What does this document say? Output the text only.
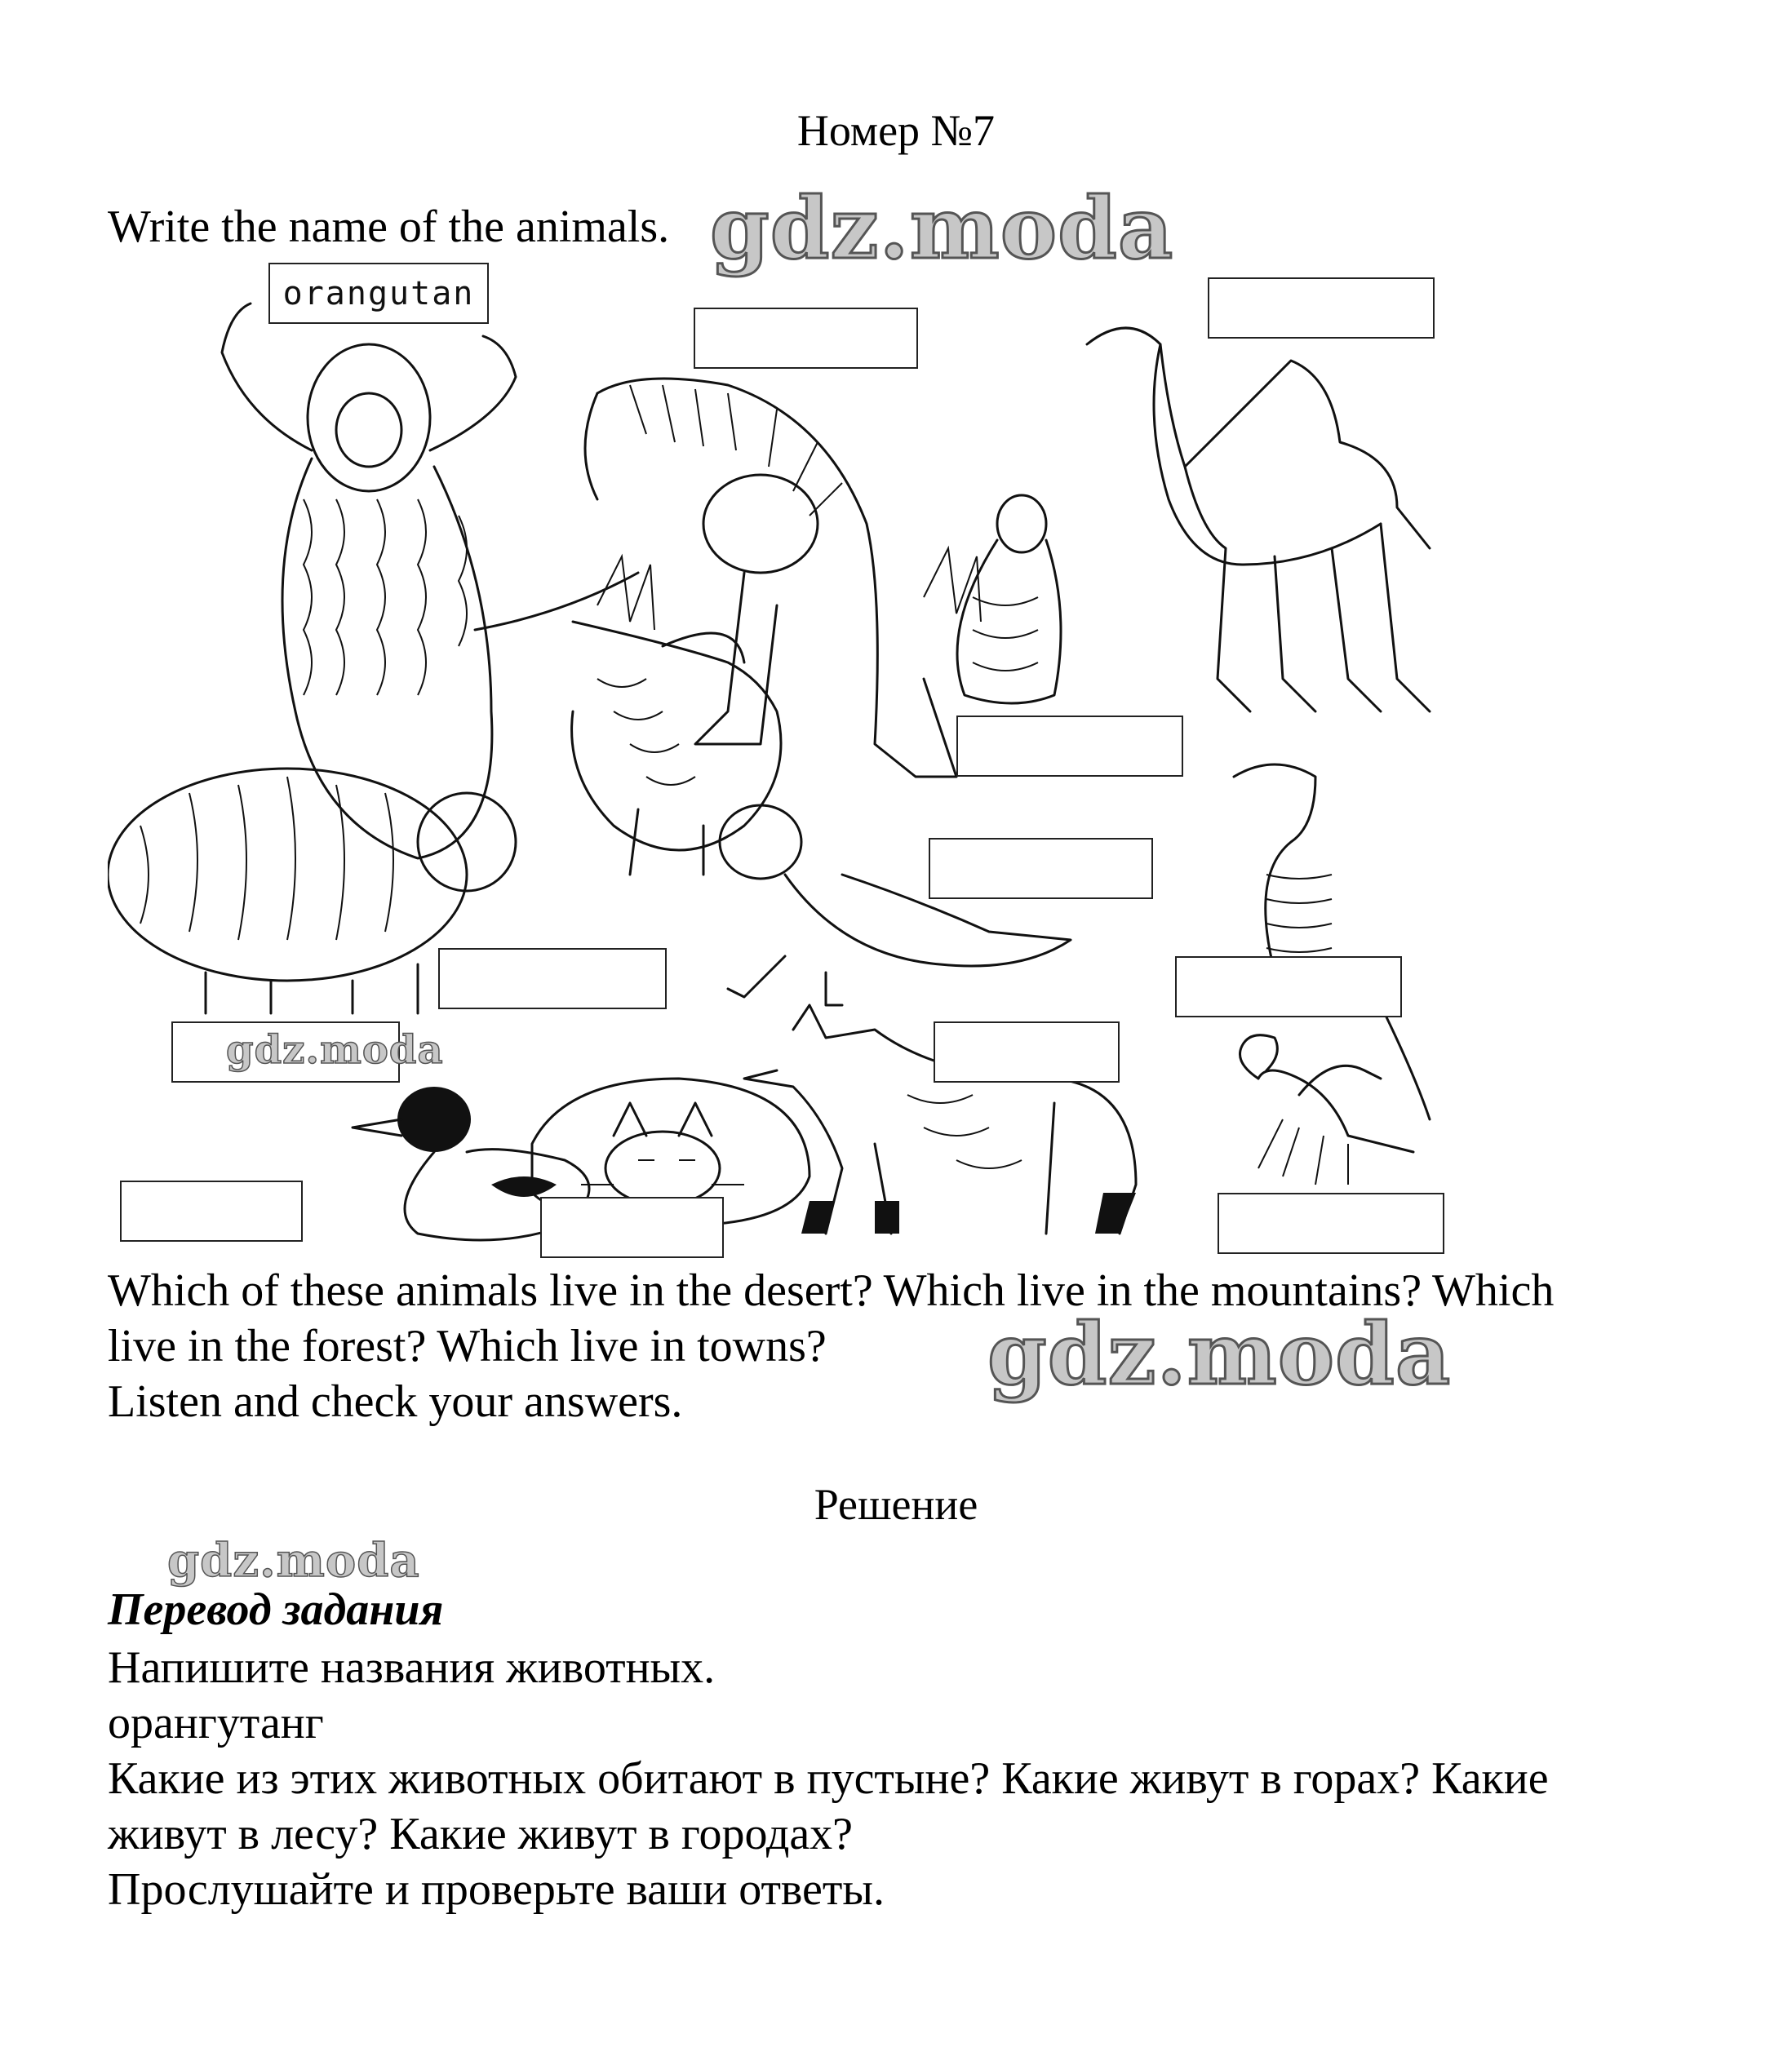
Номер №7
Write the name of the animals. gdz.moda
orangutan
gdz.moda
Which of these animals live in the desert? Which live in the mountains? Which
live in the forest? Which live in towns?
Listen and check your answers.	gdz.moda
Решение
gdz.moda
Перевод задания
Напишите названия животных.
орангутанг
Какие из этих животных обитают в пустыне? Какие живут в горах? Какие
живут в лесу? Какие живут в городах?
Прослушайте и проверьте ваши ответы.
